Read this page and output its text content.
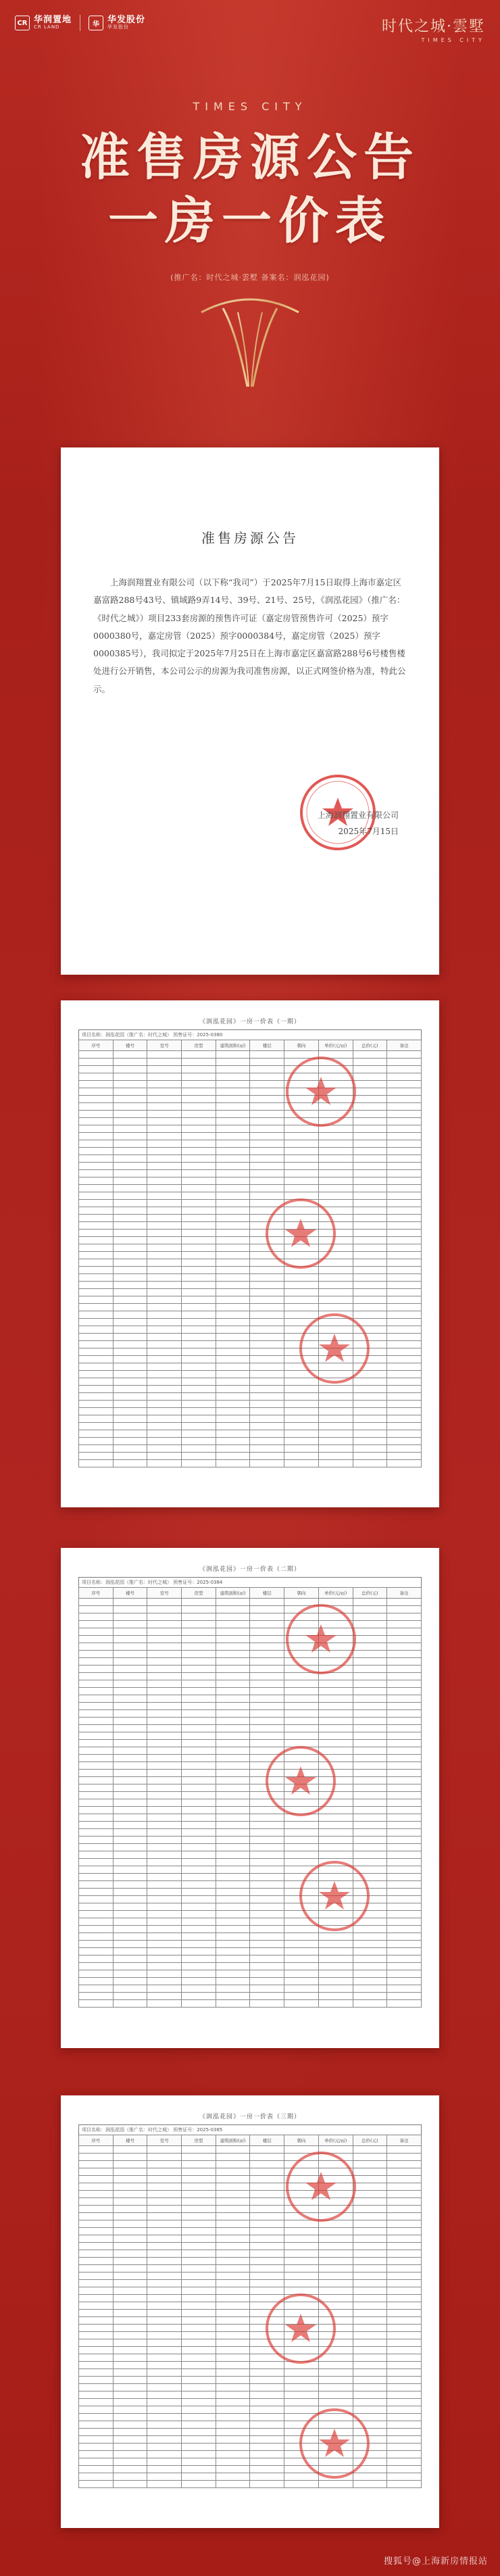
CR 华润置地
CR LAND	华 华发股份
华发股份	时代之城·雲墅
TIMES CITY
TIMES CITY
准售房源公告
一房一价表
(推广名：时代之城·雲墅 备案名：润泓花园)
准售房源公告

上海润翔置业有限公司（以下称“我司”）于2025年7月15日取得上海市嘉定区嘉富路288号43号、镇域路9弄14号、39号、21号、25号，《润泓花园》（推广名：《时代之城》）项目233套房源的预售许可证（嘉定房管预售许可（2025）预字0000380号，嘉定房管（2025）预字0000384号，嘉定房管（2025）预字0000385号），我司拟定于2025年7月25日在上海市嘉定区嘉富路288号6号楼售楼处进行公开销售，本公司公示的房源为我司准售房源，以正式网签价格为准，特此公示。

上海润翔置业有限公司
2025年7月15日
《润泓花园》一房一价表（一期）
项目名称：润泓花园（推广名：时代之城） 预售证号：2025-0380
序号	楼号	室号	房型	建筑面积(㎡)	楼层	朝向	单价(元/㎡)	总价(元)	备注

《润泓花园》一房一价表（二期）
项目名称：润泓花园（推广名：时代之城） 预售证号：2025-0384
序号	楼号	室号	房型	建筑面积(㎡)	楼层	朝向	单价(元/㎡)	总价(元)	备注

《润泓花园》一房一价表（三期）
项目名称：润泓花园（推广名：时代之城） 预售证号：2025-0385
序号	楼号	室号	房型	建筑面积(㎡)	楼层	朝向	单价(元/㎡)	总价(元)	备注

搜狐号@上海新房情报站
